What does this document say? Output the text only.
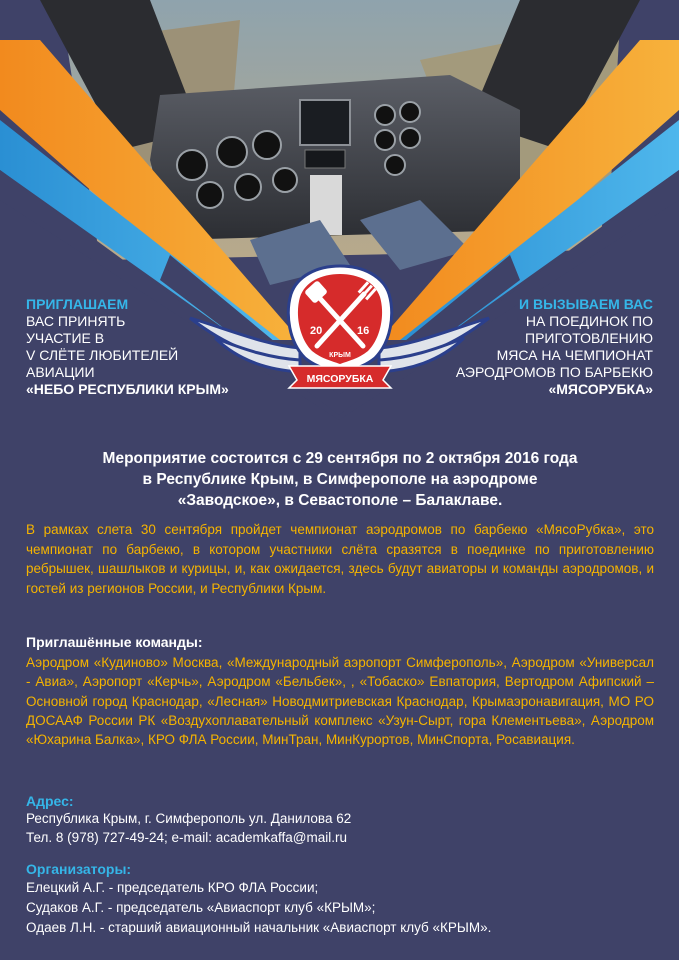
20	16
КРЫМ
МЯСОРУБКА
ПРИГЛАШАЕМ
ВАС ПРИНЯТЬ
УЧАСТИЕ В
V СЛЁТЕ ЛЮБИТЕЛЕЙ
АВИАЦИИ
«НЕБО РЕСПУБЛИКИ КРЫМ»
И ВЫЗЫВАЕМ ВАС
НА ПОЕДИНОК ПО
ПРИГОТОВЛЕНИЮ
МЯСА НА ЧЕМПИОНАТ
АЭРОДРОМОВ ПО БАРБЕКЮ
«МЯСОРУБКА»
Мероприятие состоится с 29 сентября по 2 октября 2016 года
в Республике Крым, в Симферополе на аэродроме
«Заводское», в Севастополе – Балаклаве.
В рамках слета 30 сентября пройдет чемпионат аэродромов по барбекю «МясоРубка», это чемпионат по барбекю, в котором участники слёта сразятся в поединке по приготовлению ребрышек, шашлыков и курицы, и, как ожидается, здесь будут авиаторы и команды аэродромов, и гостей из регионов России, и Республики Крым.
Приглашённые команды:
Аэродром «Кудиново» Москва, «Международный аэропорт Симферополь», Аэродром «Универсал - Авиа», Аэропорт «Керчь», Аэродром «Бельбек», , «Тобаско» Евпатория, Вертодром Афипский – Основной город Краснодар, «Лесная» Новодмитриевская Краснодар, Крымаэронавигация, МО РО ДОСААФ России РК «Воздухоплавательный комплекс «Узун-Сырт, гора Клементьева», Аэродром «Юхарина Балка», КРО ФЛА России, МинТран, МинКурортов, МинСпорта, Росавиация.
Адрес:
Республика Крым, г. Симферополь ул. Данилова 62
Тел. 8 (978) 727-49-24; e-mail: academkaffa@mail.ru
Организаторы:
Елецкий А.Г. - председатель КРО ФЛА России;
Судаков А.Г. - председатель «Авиаспорт клуб «КРЫМ»;
Одаев Л.Н. - старший авиационный начальник «Авиаспорт клуб «КРЫМ».
